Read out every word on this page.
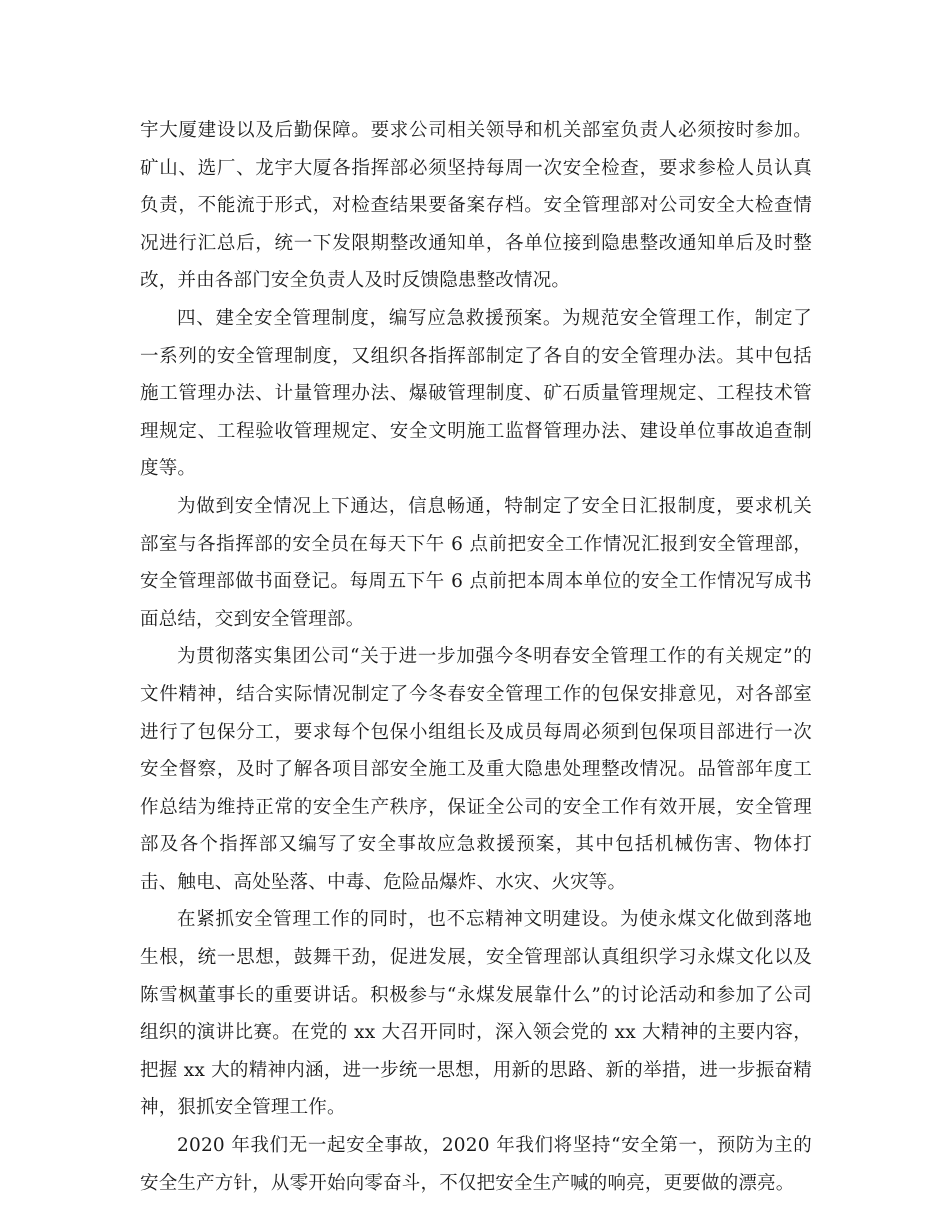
宇大厦建设以及后勤保障。要求公司相关领导和机关部室负责人必须按时参加。矿山、选厂、龙宇大厦各指挥部必须坚持每周一次安全检查，要求参检人员认真负责，不能流于形式，对检查结果要备案存档。安全管理部对公司安全大检查情况进行汇总后，统一下发限期整改通知单，各单位接到隐患整改通知单后及时整改，并由各部门安全负责人及时反馈隐患整改情况。

四、建全安全管理制度，编写应急救援预案。为规范安全管理工作，制定了一系列的安全管理制度，又组织各指挥部制定了各自的安全管理办法。其中包括施工管理办法、计量管理办法、爆破管理制度、矿石质量管理规定、工程技术管理规定、工程验收管理规定、安全文明施工监督管理办法、建设单位事故追查制度等。

为做到安全情况上下通达，信息畅通，特制定了安全日汇报制度，要求机关部室与各指挥部的安全员在每天下午 6 点前把安全工作情况汇报到安全管理部，安全管理部做书面登记。每周五下午 6 点前把本周本单位的安全工作情况写成书面总结，交到安全管理部。

为贯彻落实集团公司“关于进一步加强今冬明春安全管理工作的有关规定”的文件精神，结合实际情况制定了今冬春安全管理工作的包保安排意见，对各部室进行了包保分工，要求每个包保小组组长及成员每周必须到包保项目部进行一次安全督察，及时了解各项目部安全施工及重大隐患处理整改情况。品管部年度工作总结为维持正常的安全生产秩序，保证全公司的安全工作有效开展，安全管理部及各个指挥部又编写了安全事故应急救援预案，其中包括机械伤害、物体打击、触电、高处坠落、中毒、危险品爆炸、水灾、火灾等。

在紧抓安全管理工作的同时，也不忘精神文明建设。为使永煤文化做到落地生根，统一思想，鼓舞干劲，促进发展，安全管理部认真组织学习永煤文化以及陈雪枫董事长的重要讲话。积极参与“永煤发展靠什么”的讨论活动和参加了公司组织的演讲比赛。在党的 xx 大召开同时，深入领会党的 xx 大精神的主要内容，把握 xx 大的精神内涵，进一步统一思想，用新的思路、新的举措，进一步振奋精神，狠抓安全管理工作。

2020 年我们无一起安全事故，2020 年我们将坚持“安全第一，预防为主的安全生产方针，从零开始向零奋斗，不仅把安全生产喊的响亮，更要做的漂亮。
